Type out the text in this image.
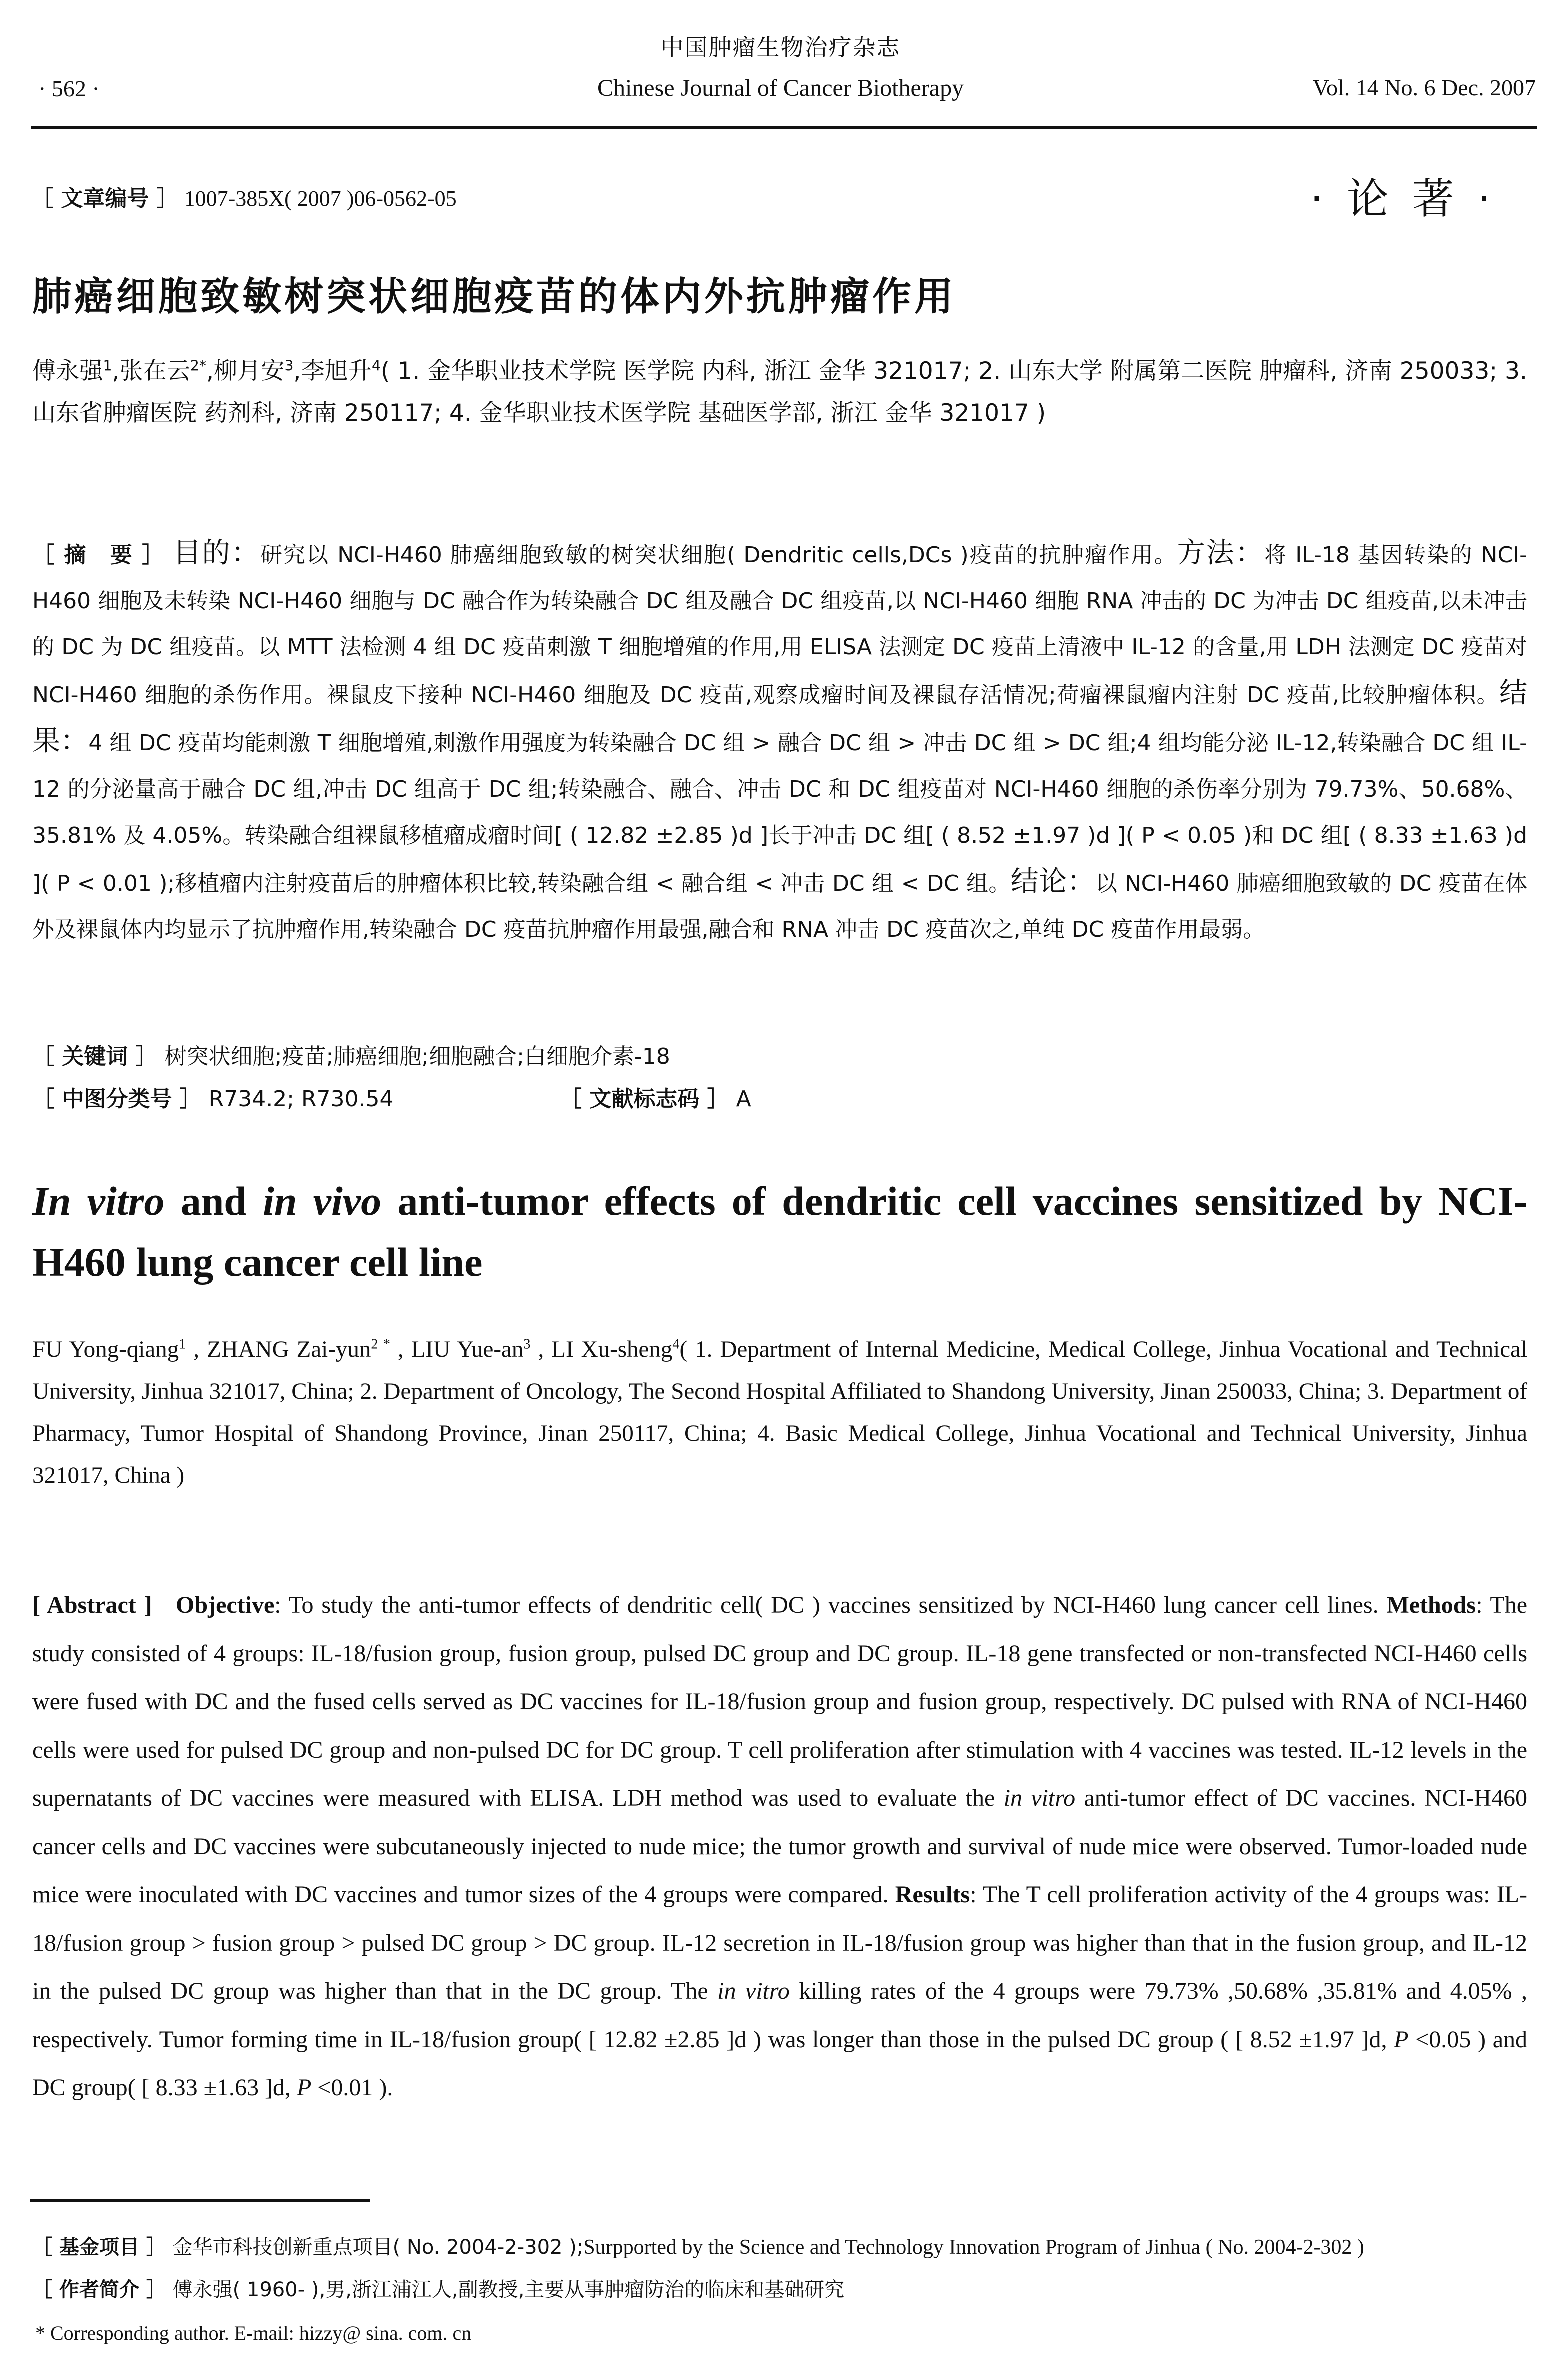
中国肿瘤生物治疗杂志
· 562 ·	Chinese Journal of Cancer Biotherapy	Vol. 14 No. 6 Dec. 2007
［ 文章编号 ］ 1007-385X( 2007 )06-0562-05	· 论 著 ·
肺癌细胞致敏树突状细胞疫苗的体内外抗肿瘤作用
傅永强$^1$,张在云$^{2*}$,柳月安$^3$,李旭升$^4$( 1. 金华职业技术学院 医学院 内科, 浙江 金华 321017; 2. 山东大学 附属第二医院 肿瘤科, 济南 250033; 3. 山东省肿瘤医院 药剂科, 济南 250117; 4. 金华职业技术医学院 基础医学部, 浙江 金华 321017 )
［ 摘　要 ］ 目的：研究以 NCI-H460 肺癌细胞致敏的树突状细胞( Dendritic cells,DCs )疫苗的抗肿瘤作用。方法：将 IL-18 基因转染的 NCI-H460 细胞及未转染 NCI-H460 细胞与 DC 融合作为转染融合 DC 组及融合 DC 组疫苗,以 NCI-H460 细胞 RNA 冲击的 DC 为冲击 DC 组疫苗,以未冲击的 DC 为 DC 组疫苗。以 MTT 法检测 4 组 DC 疫苗刺激 T 细胞增殖的作用,用 ELISA 法测定 DC 疫苗上清液中 IL-12 的含量,用 LDH 法测定 DC 疫苗对 NCI-H460 细胞的杀伤作用。裸鼠皮下接种 NCI-H460 细胞及 DC 疫苗,观察成瘤时间及裸鼠存活情况;荷瘤裸鼠瘤内注射 DC 疫苗,比较肿瘤体积。结果：4 组 DC 疫苗均能刺激 T 细胞增殖,刺激作用强度为转染融合 DC 组 > 融合 DC 组 > 冲击 DC 组 > DC 组;4 组均能分泌 IL-12,转染融合 DC 组 IL-12 的分泌量高于融合 DC 组,冲击 DC 组高于 DC 组;转染融合、融合、冲击 DC 和 DC 组疫苗对 NCI-H460 细胞的杀伤率分别为 79.73%、50.68%、35.81% 及 4.05%。转染融合组裸鼠移植瘤成瘤时间[ ( 12.82 ±2.85 )d ]长于冲击 DC 组[ ( 8.52 ±1.97 )d ]( P < 0.05 )和 DC 组[ ( 8.33 ±1.63 )d ]( P < 0.01 );移植瘤内注射疫苗后的肿瘤体积比较,转染融合组 < 融合组 < 冲击 DC 组 < DC 组。结论：以 NCI-H460 肺癌细胞致敏的 DC 疫苗在体外及裸鼠体内均显示了抗肿瘤作用,转染融合 DC 疫苗抗肿瘤作用最强,融合和 RNA 冲击 DC 疫苗次之,单纯 DC 疫苗作用最弱。
［ 关键词 ］ 树突状细胞;疫苗;肺癌细胞;细胞融合;白细胞介素-18
［ 中图分类号 ］ R734.2; R730.54	［ 文献标志码 ］ A
In vitro and in vivo anti-tumor effects of dendritic cell vaccines sensitized by NCI-H460 lung cancer cell line
FU Yong-qiang$^1$ , ZHANG Zai-yun$^{2 *}$ , LIU Yue-$an^3$ , LI Xu-sheng$^4$( 1. Department of Internal Medicine, Medical College, Jinhua Vocational and Technical University, Jinhua 321017, China; 2. Department of Oncology, The Second Hospital Affiliated to Shandong University, Jinan 250033, China; 3. Department of Pharmacy, Tumor Hospital of Shandong Province, Jinan 250117, China; 4. Basic Medical College, Jinhua Vocational and Technical University, Jinhua 321017, China )
[ Abstract ] Objective: To study the anti-tumor effects of dendritic cell( DC ) vaccines sensitized by NCI-H460 lung cancer cell lines. Methods: The study consisted of 4 groups: IL-18/fusion group, fusion group, pulsed DC group and DC group. IL-18 gene transfected or non-transfected NCI-H460 cells were fused with DC and the fused cells served as DC vaccines for IL-18/fusion group and fusion group, respectively. DC pulsed with RNA of NCI-H460 cells were used for pulsed DC group and non-pulsed DC for DC group. T cell proliferation after stimulation with 4 vaccines was tested. IL-12 levels in the supernatants of DC vaccines were measured with ELISA. LDH method was used to evaluate the in vitro anti-tumor effect of DC vaccines. NCI-H460 cancer cells and DC vaccines were subcutaneously injected to nude mice; the tumor growth and survival of nude mice were observed. Tumor-loaded nude mice were inoculated with DC vaccines and tumor sizes of the 4 groups were compared. Results: The T cell proliferation activity of the 4 groups was: IL-18/fusion group > fusion group > pulsed DC group > DC group. IL-12 secretion in IL-18/fusion group was higher than that in the fusion group, and IL-12 in the pulsed DC group was higher than that in the DC group. The in vitro killing rates of the 4 groups were 79.73% ,50.68% ,35.81% and 4.05% , respectively. Tumor forming time in IL-18/fusion group( [ 12.82 ±2.85 ]d ) was longer than those in the pulsed DC group ( [ 8.52 ±1.97 ]d, P <0.05 ) and DC group( [ 8.33 ±1.63 ]d, P <0.01 ).
［ 基金项目 ］ 金华市科技创新重点项目( No. 2004-2-302 );Surpported by the Science and Technology Innovation Program of Jinhua ( No. 2004-2-302 )
［ 作者简介 ］ 傅永强( 1960- ),男,浙江浦江人,副教授,主要从事肿瘤防治的临床和基础研究
* Corresponding author. E-mail: hizzy@ sina. com. cn
